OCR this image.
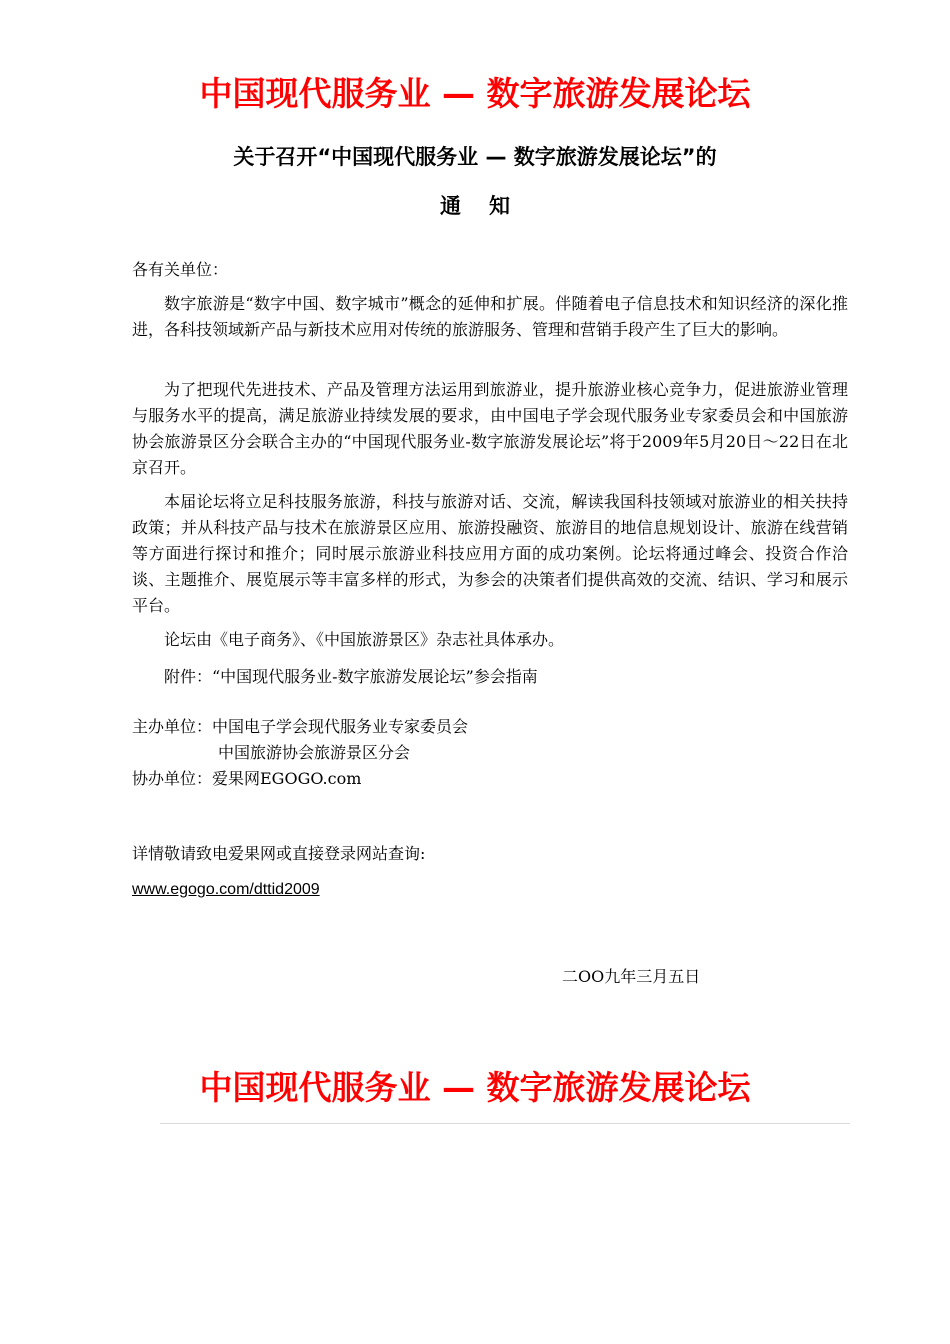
中国现代服务业 — 数字旅游发展论坛
关于召开“中国现代服务业 — 数字旅游发展论坛”的
通知
各有关单位：
数字旅游是“数字中国、数字城市”概念的延伸和扩展。伴随着电子信息技术和知识经济的深化推进，各科技领域新产品与新技术应用对传统的旅游服务、管理和营销手段产生了巨大的影响。
为了把现代先进技术、产品及管理方法运用到旅游业，提升旅游业核心竞争力，促进旅游业管理与服务水平的提高，满足旅游业持续发展的要求，由中国电子学会现代服务业专家委员会和中国旅游协会旅游景区分会联合主办的“中国现代服务业-数字旅游发展论坛”将于2009年5月20日～22日在北京召开。
本届论坛将立足科技服务旅游，科技与旅游对话、交流，解读我国科技领域对旅游业的相关扶持政策；并从科技产品与技术在旅游景区应用、旅游投融资、旅游目的地信息规划设计、旅游在线营销等方面进行探讨和推介；同时展示旅游业科技应用方面的成功案例。论坛将通过峰会、投资合作洽谈、主题推介、展览展示等丰富多样的形式，为参会的决策者们提供高效的交流、结识、学习和展示平台。
论坛由《电子商务》、《中国旅游景区》杂志社具体承办。
附件：“中国现代服务业-数字旅游发展论坛”参会指南
主办单位：中国电子学会现代服务业专家委员会
中国旅游协会旅游景区分会
协办单位：爱果网EGOGO.com
详情敬请致电爱果网或直接登录网站查询:
www.egogo.com/dttid2009
二OO九年三月五日
中国现代服务业 — 数字旅游发展论坛
